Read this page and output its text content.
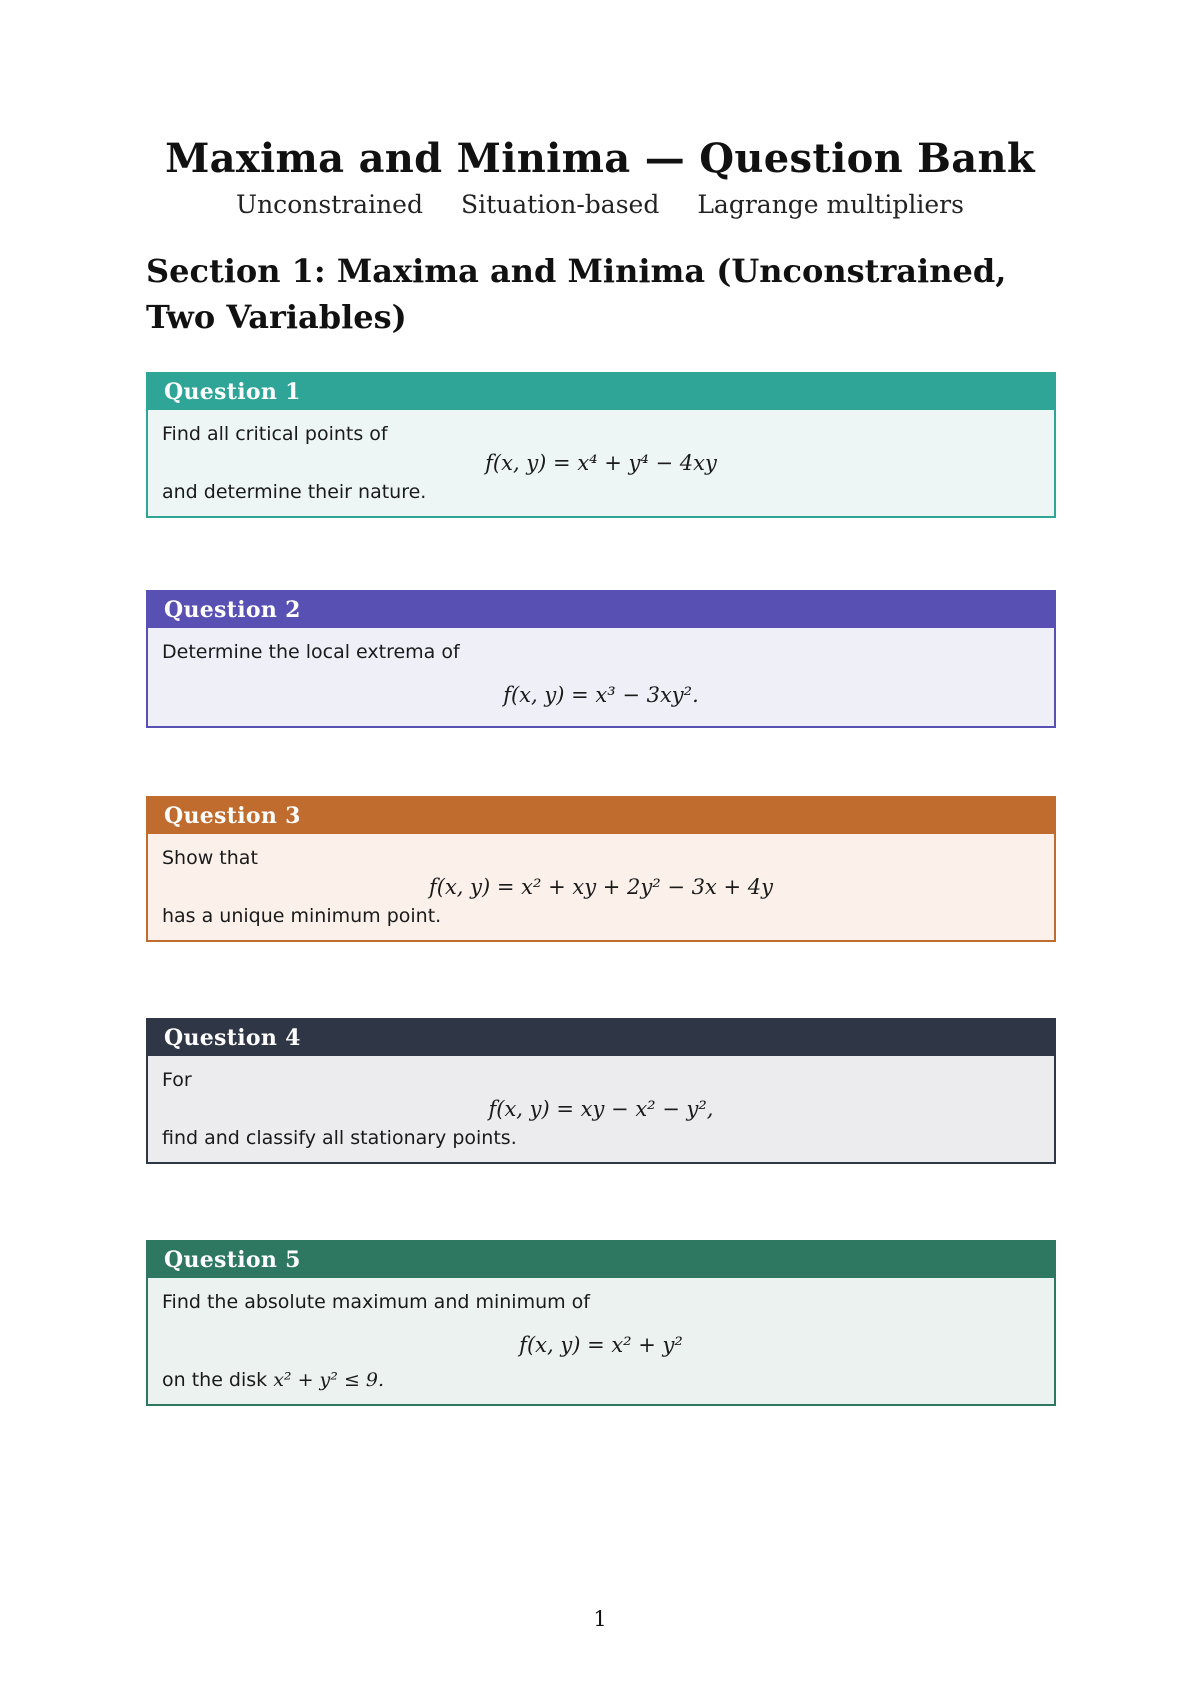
Maxima and Minima — Question Bank
Unconstrained Situation-based Lagrange multipliers
Section 1: Maxima and Minima (Unconstrained, Two Variables)
Question 1
Find all critical points of
f(x, y) = x⁴ + y⁴ − 4xy
and determine their nature.
Question 2
Determine the local extrema of
f(x, y) = x³ − 3xy².
Question 3
Show that
f(x, y) = x² + xy + 2y² − 3x + 4y
has a unique minimum point.
Question 4
For
f(x, y) = xy − x² − y²,
find and classify all stationary points.
Question 5
Find the absolute maximum and minimum of
f(x, y) = x² + y²
on the disk x² + y² ≤ 9.
1
